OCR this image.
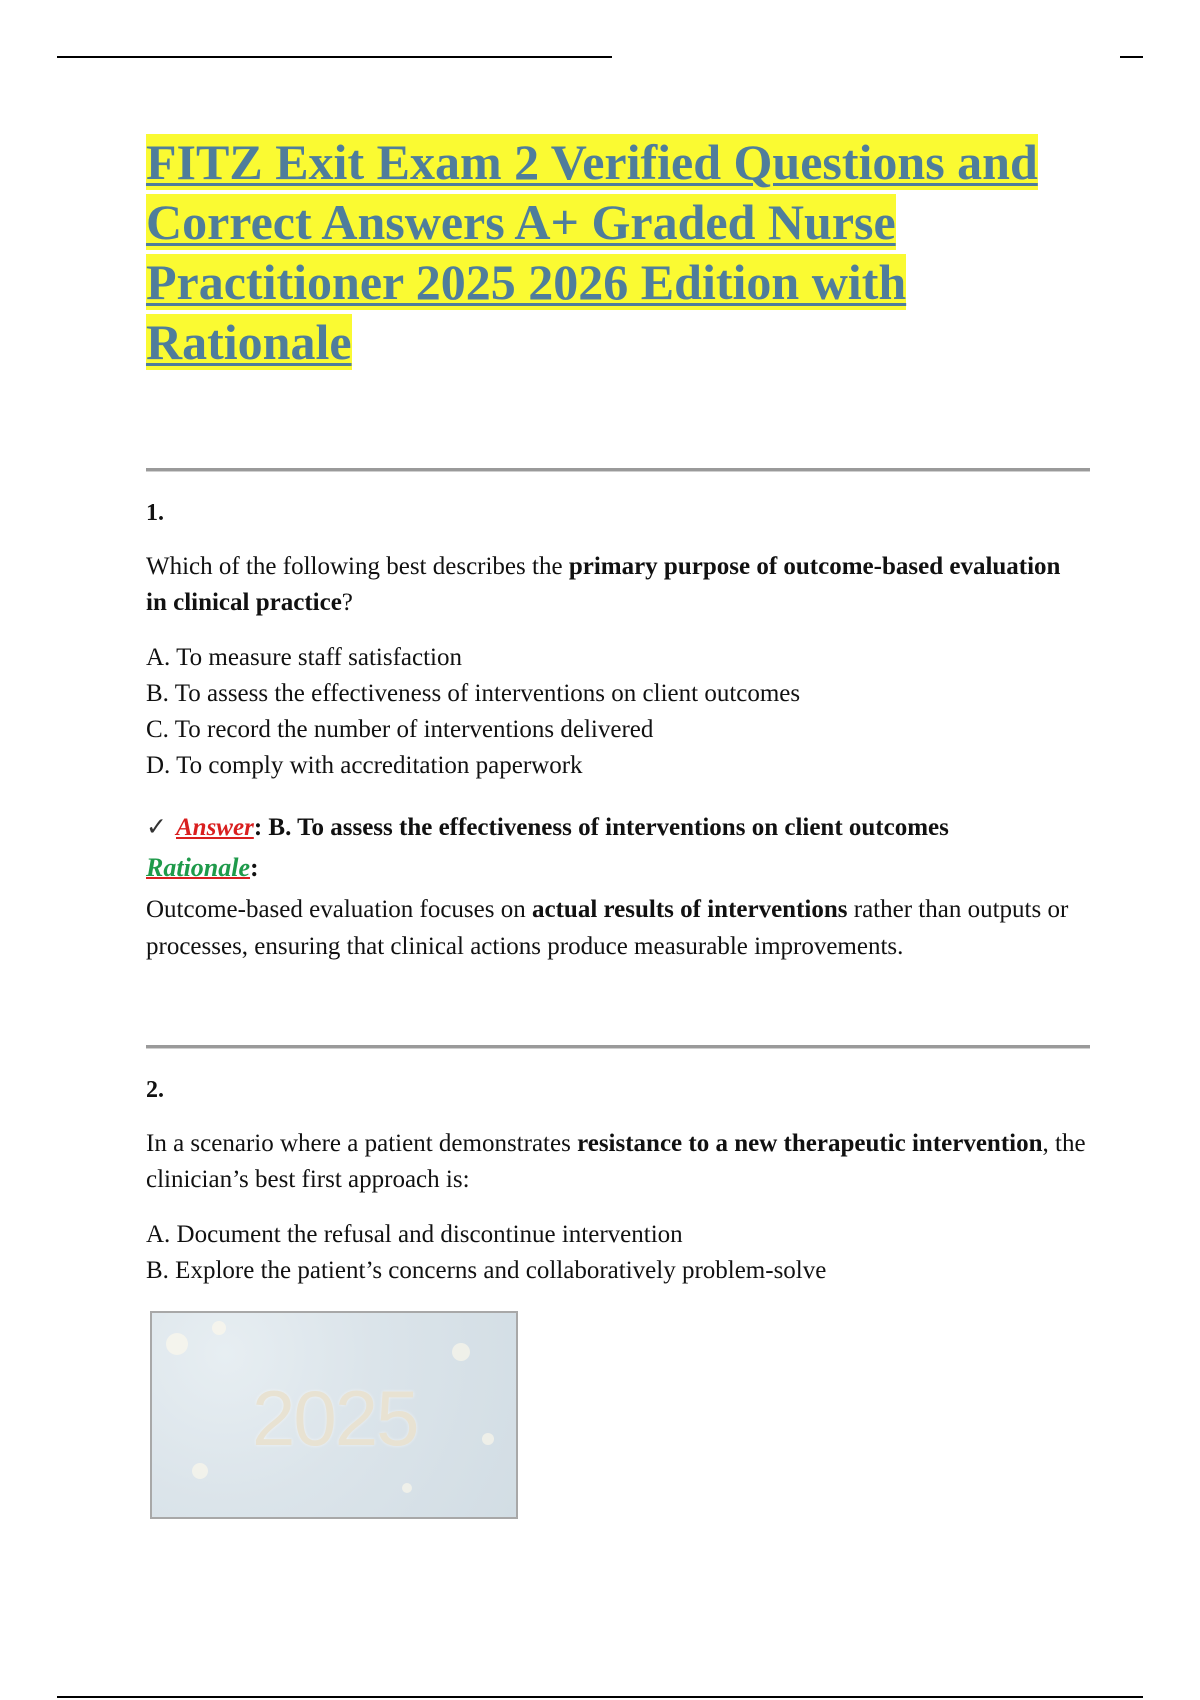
FITZ Exit Exam 2 Verified Questions and Correct Answers A+ Graded Nurse Practitioner 2025 2026 Edition with Rationale
1.
Which of the following best describes the primary purpose of outcome-based evaluation in clinical practice?
A. To measure staff satisfaction
B. To assess the effectiveness of interventions on client outcomes
C. To record the number of interventions delivered
D. To comply with accreditation paperwork
✓ Answer: B. To assess the effectiveness of interventions on client outcomes
Rationale:
Outcome-based evaluation focuses on actual results of interventions rather than outputs or processes, ensuring that clinical actions produce measurable improvements.
2.
In a scenario where a patient demonstrates resistance to a new therapeutic intervention, the clinician’s best first approach is:
A. Document the refusal and discontinue intervention
B. Explore the patient’s concerns and collaboratively problem-solve
2025
